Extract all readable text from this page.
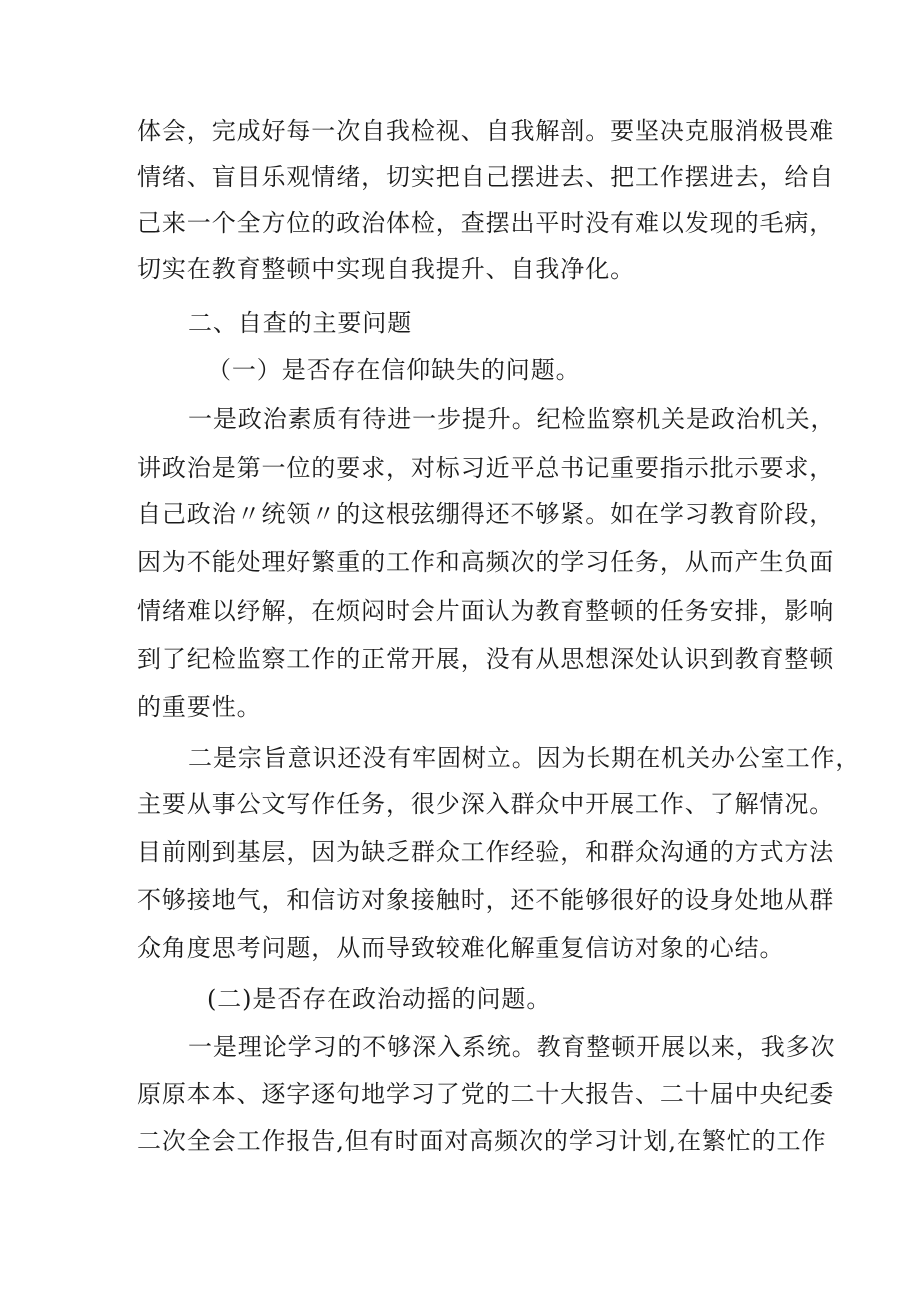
体会，完成好每一次自我检视、自我解剖。要坚决克服消极畏难
情绪、盲目乐观情绪，切实把自己摆进去、把工作摆进去，给自
己来一个全方位的政治体检，查摆出平时没有难以发现的毛病，
切实在教育整顿中实现自我提升、自我净化。
二、自查的主要问题
（一）是否存在信仰缺失的问题。
一是政治素质有待进一步提升。纪检监察机关是政治机关，
讲政治是第一位的要求，对标习近平总书记重要指示批示要求，
自己政治〃统领〃的这根弦绷得还不够紧。如在学习教育阶段，
因为不能处理好繁重的工作和高频次的学习任务，从而产生负面
情绪难以纾解，在烦闷时会片面认为教育整顿的任务安排，影响
到了纪检监察工作的正常开展，没有从思想深处认识到教育整顿
的重要性。
二是宗旨意识还没有牢固树立。因为长期在机关办公室工作，
主要从事公文写作任务，很少深入群众中开展工作、了解情况。
目前刚到基层，因为缺乏群众工作经验，和群众沟通的方式方法
不够接地气，和信访对象接触时，还不能够很好的设身处地从群
众角度思考问题，从而导致较难化解重复信访对象的心结。
(二)是否存在政治动摇的问题。
一是理论学习的不够深入系统。教育整顿开展以来，我多次
原原本本、逐字逐句地学习了党的二十大报告、二十届中央纪委
二次全会工作报告,但有时面对高频次的学习计划,在繁忙的工作
